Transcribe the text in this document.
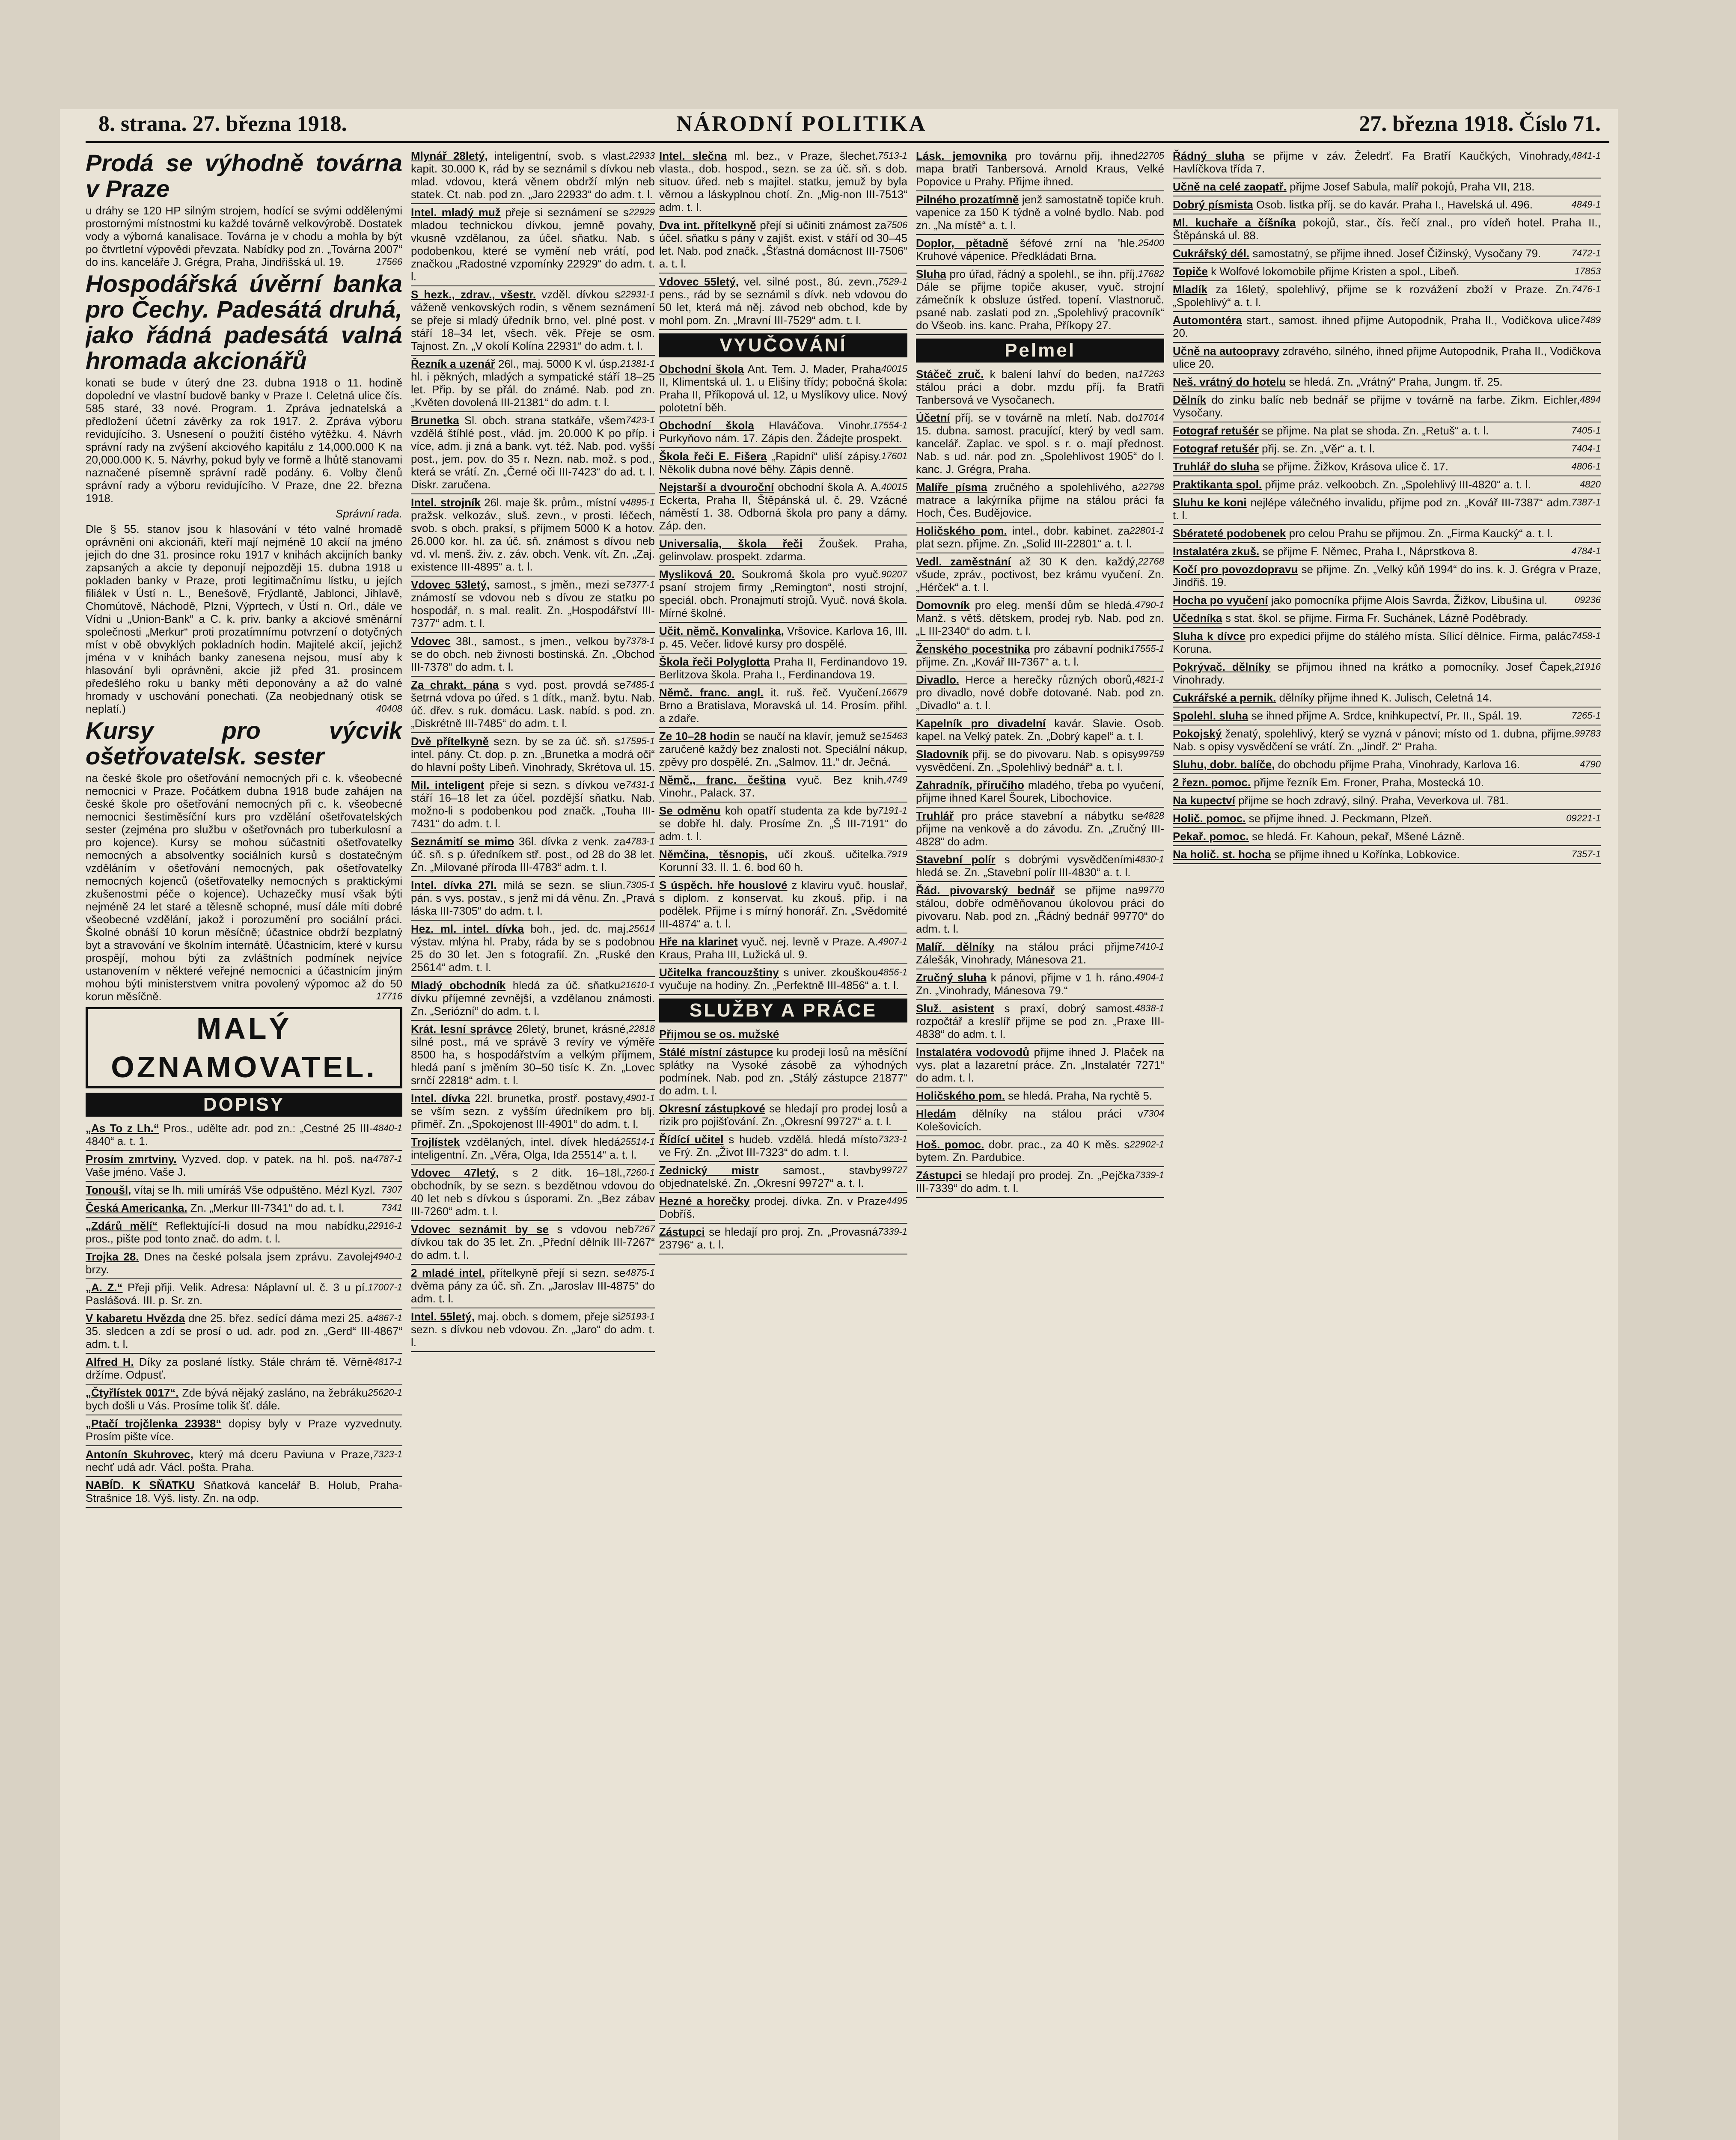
8. strana. 27. března 1918.	NÁRODNÍ POLITIKA	27. března 1918. Číslo 71.
Prodá se výhodně továrna v Praze

u dráhy se 120 HP silným strojem, hodící se svými oddělenými prostornými místnostmi ku každé továrně velkovýrobě. Dostatek vody a výborná kanalisace. Továrna je v chodu a mohla by být po čtvrtletní výpovědi převzata. Nabídky pod zn. „Továrna 2007“ do ins. kanceláře J. Grégra, Praha, Jindřišská ul. 19.	17566

Hospodářská úvěrní banka pro Čechy. Padesátá druhá, jako řádná padesátá valná hromada akcionářů

konati se bude v úterý dne 23. dubna 1918 o 11. hodině dopolední ve vlastní budově banky v Praze I. Celetná ulice čís. 585 staré, 33 nové. Program. 1. Zpráva jednatelská a předložení účetní závěrky za rok 1917. 2. Zpráva výboru revidujícího. 3. Usnesení o použití čistého výtěžku. 4. Návrh správní rady na zvýšení akciového kapitálu z 14,000.000 K na 20,000.000 K. 5. Návrhy, pokud byly ve formě a lhůtě stanovami naznačené písemně správní radě podány. 6. Volby členů správní rady a výboru revidujícího. V Praze, dne 22. března 1918.

Správní rada.

Dle § 55. stanov jsou k hlasování v této valné hromadě oprávněni oni akcionáři, kteří mají nejméně 10 akcií na jméno jejich do dne 31. prosince roku 1917 v knihách akcijních banky zapsaných a akcie ty deponují nejpozději 15. dubna 1918 u pokladen banky v Praze, proti legitimačnímu lístku, u jejích filiálek v Ústí n. L., Benešově, Frýdlantě, Jablonci, Jihlavě, Chomútově, Náchodě, Plzni, Výprtech, v Ústí n. Orl., dále ve Vídni u „Union-Bank“ a C. k. priv. banky a akciové směnární společnosti „Merkur“ proti prozatímnímu potvrzení o dotyčných míst v obě obvyklých pokladních hodin. Majitelé akcií, jejichž jména v v knihách banky zanesena nejsou, musí aby k hlasování byli oprávněni, akcie již před 31. prosincem předešlého roku u banky měti deponovány a až do valné hromady v uschování ponechati. (Za neobjednaný otisk se neplatí.)	40408

Kursy pro výcvik ošetřovatelsk. sester

na české škole pro ošetřování nemocných při c. k. všeobecné nemocnici v Praze. Počátkem dubna 1918 bude zahájen na české škole pro ošetřování nemocných při c. k. všeobecné nemocnici šestiměsíční kurs pro vzdělání ošetřovatelských sester (zejména pro službu v ošetřovnách pro tuberkulosní a pro kojence). Kursy se mohou súčastniti ošetřovatelky nemocných a absolventky sociálních kursů s dostatečným vzděláním v ošetřování nemocných, pak ošetřovatelky nemocných kojenců (ošetřovatelky nemocných s praktickými zkušenostmi péče o kojence). Uchazečky musí však býti nejméně 24 let staré a tělesně schopné, musí dále míti dobré všeobecné vzdělání, jakož i porozumění pro sociální práci. Školné obnáší 10 korun měsíčně; účastnice obdrží bezplatný byt a stravování ve školním internátě. Účastnicím, které v kursu prospějí, mohou býti za zvláštních podmínek nejvíce ustanovením v některé veřejné nemocnici a účastnicím jiným mohou býti ministerstvem vnitra povolený výpomoc až do 50 korun měsíčně.	17716

MALÝ OZNAMOVATEL.
DOPISY

4840-1
„As To z Lh.“ Pros., udělte adr. pod zn.: „Cestné 25 III-4840“ a. t. 1.

4787-1
Prosím zmrtviny. Vyzved. dop. v patek. na hl. poš. na Vaše jméno. Vaše J.

7307
Tonoušl, vítaj se lh. mili umíráš Vše odpuštěno. Mézl Kyzl.

7341
Česká Americanka. Zn. „Merkur III-7341“ do ad. t. l.

22916-1
„Zdárů mělí“ Reflektující-li dosud na mou nabídku, pros., pište pod tonto znač. do adm. t. l.

4940-1
Trojka 28. Dnes na české polsala jsem zprávu. Zavolej brzy.

17007-1
„A. Z.“ Přeji přiji. Velik. Adresa: Náplavní ul. č. 3 u pí. Paslášová. III. p. Sr. zn.

4867-1
V kabaretu Hvězda dne 25. břez. sedící dáma mezi 25. a 35. sledcen a zdí se prosí o ud. adr. pod zn. „Gerd“ III-4867“ adm. t. l.

4817-1
Alfred H. Díky za poslané lístky. Stále chrám tě. Věrně držíme. Odpusť.

25620-1
„Čtyřlístek 0017“. Zde bývá nějaký zasláno, na žebráku bych došli u Vás. Prosíme tolik šť. dále.

„Ptačí trojčlenka 23938“ dopisy byly v Praze vyzvednuty. Prosím pište více.

7323-1
Antonín Skuhrovec, který má dceru Paviuna v Praze, nechť udá adr. Václ. pošta. Praha.

NABÍD. K SŇATKU Sňatková kancelář B. Holub, Praha-Strašnice 18. Výš. listy. Zn. na odp.

22933
Mlynář 28letý, inteligentní, svob. s vlast. kapit. 30.000 K, rád by se seznámil s dívkou neb mlad. vdovou, která věnem obdrží mlýn neb statek. Ct. nab. pod zn. „Jaro 22933“ do adm. t. l.

22929
Intel. mladý muž přeje si seznámení se s mladou technickou dívkou, jemně povahy, vkusně vzdělanou, za účel. sňatku. Nab. s podobenkou, které se vymění neb vrátí, pod značkou „Radostné vzpomínky 22929“ do adm. t. l.

22931-1
S hezk., zdrav., všestr. vzděl. dívkou s váženě venkovských rodin, s věnem seznámení se přeje si mladý úředník brno, vel. plné post. v stáří 18–34 let, všech. věk. Přeje se osm. Tajnost. Zn. „V okolí Kolína 22931“ do adm. t. l.

21381-1
Řezník a uzenář 26l., maj. 5000 K vl. úsp. hl. i pěkných, mladých a sympatické stáří 18–25 let. Přip. by se přál. do známé. Nab. pod zn. „Květen dovolená III-21381“ do adm. t. l.

7423-1
Brunetka Sl. obch. strana statkáře, všem vzdělá štíhlé post., vlád. jm. 20.000 K po příp. i více, adm. ji zná a bank. vyt. též. Nab. pod. vyšší post., jem. pov. do 35 r. Nezn. nab. mož. s pod., která se vrátí. Zn. „Černé oči III-7423“ do ad. t. l. Diskr. zaručena.

4895-1
Intel. strojník 26l. maje šk. prům., místní v pražsk. velkozáv., sluš. zevn., v prosti. léčech, svob. s obch. praksí, s příjmem 5000 K a hotov. 26.000 kor. hl. za úč. sň. známost s dívou neb vd. vl. menš. živ. z. záv. obch. Venk. vít. Zn. „Zaj. existence III-4895“ a. t. l.

7377-1
Vdovec 53letý, samost., s jměn., mezi se známostí se vdovou neb s dívou ze statku po hospodář, n. s mal. realit. Zn. „Hospodářství III-7377“ adm. t. l.

7378-1
Vdovec 38l., samost., s jmen., velkou by se do obch. neb živnosti bostinská. Zn. „Obchod III-7378“ do adm. t. l.

7485-1
Za chrakt. pána s vyd. post. provdá se šetrná vdova po úřed. s 1 dítk., manž. bytu. Nab. úč. dřev. s ruk. domácu. Lask. nabíd. s pod. zn. „Diskrétně III-7485“ do adm. t. l.

17595-1
Dvě přítelkyně sezn. by se za úč. sň. s intel. pány. Ct. dop. p. zn. „Brunetka a modrá oči“ do hlavní pošty Libeň. Vinohrady, Skrétova ul. 15.

7431-1
Mil. inteligent přeje si sezn. s dívkou ve stáří 16–18 let za účel. pozdější sňatku. Nab. možno-li s podobenkou pod značk. „Touha III-7431“ do adm. t. l.

4783-1
Seznámití se mimo 36l. dívka z venk. za úč. sň. s p. úředníkem stř. post., od 28 do 38 let. Zn. „Milované příroda III-4783“ adm. t. l.

7305-1
Intel. dívka 27l. milá se sezn. se sliun. pán. s vys. postav., s jenž mi dá věnu. Zn. „Pravá láska III-7305“ do adm. t. l.

25614
Hez. ml. intel. dívka boh., jed. dc. maj. výstav. mlýna hl. Praby, ráda by se s podobnou 25 do 30 let. Jen s fotografií. Zn. „Ruské den 25614“ adm. t. l.

21610-1
Mladý obchodník hledá za úč. sňatku dívku příjemné zevnější, a vzdělanou známosti. Zn. „Seriózní“ do adm. t. l.

22818
Krát. lesní správce 26letý, brunet, krásné, silné post., má ve správě 3 revíry ve výměře 8500 ha, s hospodářstvím a velkým příjmem, hledá paní s jměním 30–50 tisíc K. Zn. „Lovec srnčí 22818“ adm. t. l.

4901-1
Intel. dívka 22l. brunetka, prostř. postavy, se vším sezn. z vyšším úředníkem pro blj. přiměř. Zn. „Spokojenost III-4901“ do adm. t. l.

25514-1
Trojlístek vzdělaných, intel. dívek hledá inteligentní. Zn. „Věra, Olga, Ida 25514“ a. t. l.

7260-1
Vdovec 47letý, s 2 ditk. 16–18l., obchodník, by se sezn. s bezdětnou vdovou do 40 let neb s dívkou s úsporami. Zn. „Bez zábav III-7260“ adm. t. l.

7267
Vdovec seznámit by se s vdovou neb dívkou tak do 35 let. Zn. „Přední dělník III-7267“ do adm. t. l.

4875-1
2 mladé intel. přítelkyně přejí si sezn. se dvěma pány za úč. sň. Zn. „Jaroslav III-4875“ do adm. t. l.

25193-1
Intel. 55letý, maj. obch. s domem, přeje si sezn. s dívkou neb vdovou. Zn. „Jaro“ do adm. t. l.

7513-1
Intel. slečna ml. bez., v Praze, šlechet. vlasta., dob. hospod., sezn. se za úč. sň. s dob. situov. úřed. neb s majitel. statku, jemuž by byla věrnou a láskyplnou chotí. Zn. „Mig-non III-7513“ adm. t. l.

7506
Dva int. přítelkyně přejí si učiniti známost za účel. sňatku s pány v zajišt. exist. v stáří od 30–45 let. Nab. pod značk. „Šťastná domácnost III-7506“ a. t. l.

7529-1
Vdovec 55letý, vel. silné post., 8ú. zevn., pens., rád by se seznámil s dívk. neb vdovou do 50 let, která má něj. závod neb obchod, kde by mohl pom. Zn. „Mravní III-7529“ adm. t. l.

VYUČOVÁNÍ

40015
Obchodní škola Ant. Tem. J. Mader, Praha II, Klimentská ul. 1. u Elišiny třídy; pobočná škola: Praha II, Příkopová ul. 12, u Myslíkovy ulice. Nový polotetní běh.

17554-1
Obchodní škola Hlaváčova. Vinohr. Purkyňovo nám. 17. Zápis den. Žádejte prospekt.

17601
Škola řeči E. Fišera „Rapidní“ uliší zápisy. Několik dubna nové běhy. Zápis denně.

40015
Nejstarší a dvouroční obchodní škola A. A. Eckerta, Praha II, Štěpánská ul. č. 29. Vzácné náměstí 1. 38. Odborná škola pro pany a dámy. Záp. den.

Universalia, škola řeči Žoušek. Praha, gelinvolaw. prospekt. zdarma.

90207
Mysliková 20. Soukromá škola pro vyuč. psaní strojem firmy „Remington“, nosti strojní, speciál. obch. Pronajmutí strojů. Vyuč. nová škola. Mírné školné.

Učit. němč. Konvalinka, Vršovice. Karlova 16, III. p. 45. Večer. lidové kursy pro dospělé.

Škola řeči Polyglotta Praha II, Ferdinandovo 19. Berlitzova škola. Praha I., Ferdinandova 19.

16679
Němč. franc. angl. it. ruš. řeč. Vyučení. Brno a Bratislava, Moravská ul. 14. Prosím. přihl. a zdaře.

15463
Ze 10–28 hodin se naučí na klavír, jemuž se zaručeně každý bez znalosti not. Speciální nákup, zpěvy pro dospělé. Zn. „Salmov. 11.“ dr. Ječná.

4749
Němč., franc. čeština vyuč. Bez knih. Vinohr., Palack. 37.

7191-1
Se odměnu koh opatří studenta za kde by se dobře hl. daly. Prosíme Zn. „Š III-7191“ do adm. t. l.

7919
Němčina, těsnopis, učí zkouš. učitelka. Korunní 33. II. 1. 6. bod 60 h.

S úspěch. hře houslové z klaviru vyuč. houslař, s diplom. z konservat. ku zkouš. přip. i na podělek. Přijme i s mírný honorář. Zn. „Svědomité III-4874“ a. t. l.

4907-1
Hře na klarinet vyuč. nej. levně v Praze. A. Kraus, Praha III, Lužická ul. 9.

4856-1
Učitelka francouzštiny s univer. zkouškou vyučuje na hodiny. Zn. „Perfektně III-4856“ a. t. l.

SLUŽBY A PRÁCE

Přijmou se os. mužské

Stálé místní zástupce ku prodeji losů na měsíční splátky na Vysoké zásobě za výhodných podmínek. Nab. pod zn. „Stálý zástupce 21877“ do adm. t. l.

Okresní zástupkové se hledají pro prodej losů a rizik pro pojišťování. Zn. „Okresní 99727“ a. t. l.

7323-1
Řídící učitel s hudeb. vzdělá. hledá místo ve Frý. Zn. „Život III-7323“ do adm. t. l.

99727
Zednický mistr samost., stavby objednatelské. Zn. „Okresní 99727“ a. t. l.

4495
Hezné a horečky prodej. dívka. Zn. v Praze Dobříš.

7339-1
Zástupci se hledají pro proj. Zn. „Provasná 23796“ a. t. l.

22705
Lásk. jemovnika pro továrnu přij. ihned mapa bratři Tanbersová. Arnold Kraus, Velké Popovice u Prahy. Přijme ihned.

Pilného prozatímně jenž samostatně topiče kruh. vapenice za 150 K týdně a volné bydlo. Nab. pod zn. „Na místě“ a. t. l.

25400
Doplor, pětadně šéfové zrní na 'hle. Kruhové vápenice. Předkládati Brna.

17682
Sluha pro úřad, řádný a spolehl., se ihn. příj. Dále se přijme topiče akuser, vyuč. strojní zámečník k obsluze ústřed. topení. Vlastnoruč. psané nab. zaslati pod zn. „Spolehlivý pracovník“ do Všeob. ins. kanc. Praha, Příkopy 27.

Pelmel

17263
Stáčeč zruč. k balení lahví do beden, na stálou práci a dobr. mzdu příj. fa Bratři Tanbersová ve Vysočanech.

17014
Účetní příj. se v továrně na mletí. Nab. do 15. dubna. samost. pracující, který by vedl sam. kancelář. Zaplac. ve spol. s r. o. mají přednost. Nab. s ud. nár. pod zn. „Spolehlivost 1905“ do l. kanc. J. Grégra, Praha.

22798
Malíře písma zručného a spolehlivého, a matrace a lakýrníka přijme na stálou práci fa Hoch, Čes. Budějovice.

22801-1
Holičského pom. intel., dobr. kabinet. za plat sezn. přijme. Zn. „Solid III-22801“ a. t. l.

22768
Vedl. zaměstnání až 30 K den. každý, všude, zpráv., poctivost, bez krámu vyučení. Zn. „Hérček“ a. t. l.

4790-1
Domovník pro eleg. menší dům se hledá. Manž. s větš. dětskem, prodej ryb. Nab. pod zn. „L III-2340“ do adm. t. l.

17555-1
Ženského pocestnika pro zábavní podnik přijme. Zn. „Kovář III-7367“ a. t. l.

4821-1
Divadlo. Herce a herečky různých oborů, pro divadlo, nové dobře dotované. Nab. pod zn. „Divadlo“ a. t. l.

Kapelník pro divadelní kavár. Slavie. Osob. kapel. na Velký patek. Zn. „Dobrý kapel“ a. t. l.

99759
Sladovník přij. se do pivovaru. Nab. s opisy vysvědčení. Zn. „Spolehlivý bednář“ a. t. l.

Zahradník, příručího mladého, třeba po vyučení, přijme ihned Karel Šourek, Libochovice.

4828
Truhlář pro práce stavební a nábytku se přijme na venkově a do závodu. Zn. „Zručný III-4828“ do adm.

4830-1
Stavební polír s dobrými vysvědčeními hledá se. Zn. „Stavební polír III-4830“ a. t. l.

99770
Řád. pivovarský bednář se přijme na stálou, dobře odměňovanou úkolovou práci do pivovaru. Nab. pod zn. „Řádný bednář 99770“ do adm. t. l.

7410-1
Malíř. dělníky na stálou práci přijme Zálešák, Vinohrady, Mánesova 21.

4904-1
Zručný sluha k pánovi, přijme v 1 h. ráno. Zn. „Vinohrady, Mánesova 79.“

4838-1
Služ. asistent s praxí, dobrý samost. rozpočtář a kreslíř přijme se pod zn. „Praxe III-4838“ do adm. t. l.

Instalatéra vodovodů přijme ihned J. Plaček na vys. plat a lazaretní práce. Zn. „Instalatér 7271“ do adm. t. l.

Holičského pom. se hledá. Praha, Na rychtě 5.

7304
Hledám dělníky na stálou práci v Kolešovicích.

22902-1
Hoš. pomoc. dobr. prac., za 40 K měs. s bytem. Zn. Pardubice.

7339-1
Zástupci se hledají pro prodej. Zn. „Pejčka III-7339“ do adm. t. l.

4841-1
Řádný sluha se přijme v záv. Želedrť. Fa Bratří Kaučkých, Vinohrady, Havlíčkova třída 7.

Učně na celé zaopatř. přijme Josef Sabula, malíř pokojů, Praha VII, 218.

4849-1
Dobrý písmista Osob. listka příj. se do kavár. Praha I., Havelská ul. 496.

Ml. kuchaře a číšníka pokojů, star., čís. řečí znal., pro vídeň hotel. Praha II., Štěpánská ul. 88.

7472-1
Cukrářský dél. samostatný, se přijme ihned. Josef Čižinský, Vysočany 79.

17853
Topiče k Wolfové lokomobile přijme Kristen a spol., Libeň.

7476-1
Mladík za 16letý, spolehlivý, přijme se k rozvážení zboží v Praze. Zn. „Spolehlivý“ a. t. l.

7489
Automontéra start., samost. ihned přijme Autopodnik, Praha II., Vodičkova ulice 20.

Učně na autoopravy zdravého, silného, ihned přijme Autopodnik, Praha II., Vodičkova ulice 20.

Neš. vrátný do hotelu se hledá. Zn. „Vrátný“ Praha, Jungm. tř. 25.

4894
Dělník do zinku balíc neb bednář se přijme v továrně na farbe. Zikm. Eichler, Vysočany.

7405-1
Fotograf retušér se přijme. Na plat se shoda. Zn. „Retuš“ a. t. l.

7404-1
Fotograf retušér přij. se. Zn. „Věr“ a. t. l.

4806-1
Truhlář do sluha se přijme. Žižkov, Krásova ulice č. 17.

4820
Praktikanta spol. přijme práz. velkoobch. Zn. „Spolehlivý III-4820“ a. t. l.

7387-1
Sluhu ke koni nejlépe válečného invalidu, přijme pod zn. „Kovář III-7387“ adm. t. l.

Sbérateté podobenek pro celou Prahu se přijmou. Zn. „Firma Kaucký“ a. t. l.

4784-1
Instalatéra zkuš. se přijme F. Němec, Praha I., Náprstkova 8.

Kočí pro povozdopravu se přijme. Zn. „Velký kůň 1994“ do ins. k. J. Grégra v Praze, Jindřiš. 19.

09236
Hocha po vyučení jako pomocníka přijme Alois Savrda, Žižkov, Libušina ul.

Učedníka s stat. škol. se přijme. Firma Fr. Suchánek, Lázně Poděbrady.

7458-1
Sluha k dívce pro expedici přijme do stálého místa. Sílicí dělnice. Firma, palác Koruna.

21916
Pokrývač. dělníky se přijmou ihned na krátko a pomocníky. Josef Čapek, Vinohrady.

Cukrářské a pernik. dělníky přijme ihned K. Julisch, Celetná 14.

7265-1
Spolehl. sluha se ihned přijme A. Srdce, knihkupectví, Pr. II., Spál. 19.

99783
Pokojský ženatý, spolehlivý, který se vyzná v pánovi; místo od 1. dubna, přijme. Nab. s opisy vysvědčení se vrátí. Zn. „Jindř. 2“ Praha.

4790
Sluhu, dobr. balíče, do obchodu přijme Praha, Vinohrady, Karlova 16.

2 řezn. pomoc. přijme řezník Em. Froner, Praha, Mostecká 10.

Na kupectví přijme se hoch zdravý, silný. Praha, Veverkova ul. 781.

09221-1
Holič. pomoc. se přijme ihned. J. Peckmann, Plzeň.

Pekař. pomoc. se hledá. Fr. Kahoun, pekař, Mšené Lázně.

7357-1
Na holič. st. hocha se přijme ihned u Kořínka, Lobkovice.
